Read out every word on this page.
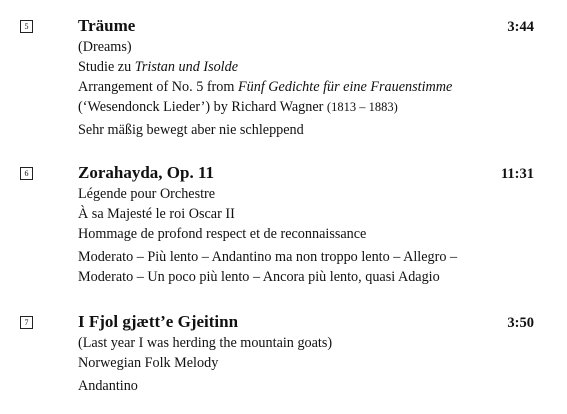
5	Träume	3:44
(Dreams)
Studie zu Tristan und Isolde
Arrangement of No. 5 from Fünf Gedichte für eine Frauenstimme
(‘Wesendonck Lieder’) by Richard Wagner (1813 – 1883)
Sehr mäßig bewegt aber nie schleppend
6	Zorahayda, Op. 11	11:31
Légende pour Orchestre
À sa Majesté le roi Oscar II
Hommage de profond respect et de reconnaissance
Moderato – Più lento – Andantino ma non troppo lento – Allegro –
Moderato – Un poco più lento – Ancora più lento, quasi Adagio
7	I Fjol gjætt’e Gjeitinn	3:50
(Last year I was herding the mountain goats)
Norwegian Folk Melody
Andantino
